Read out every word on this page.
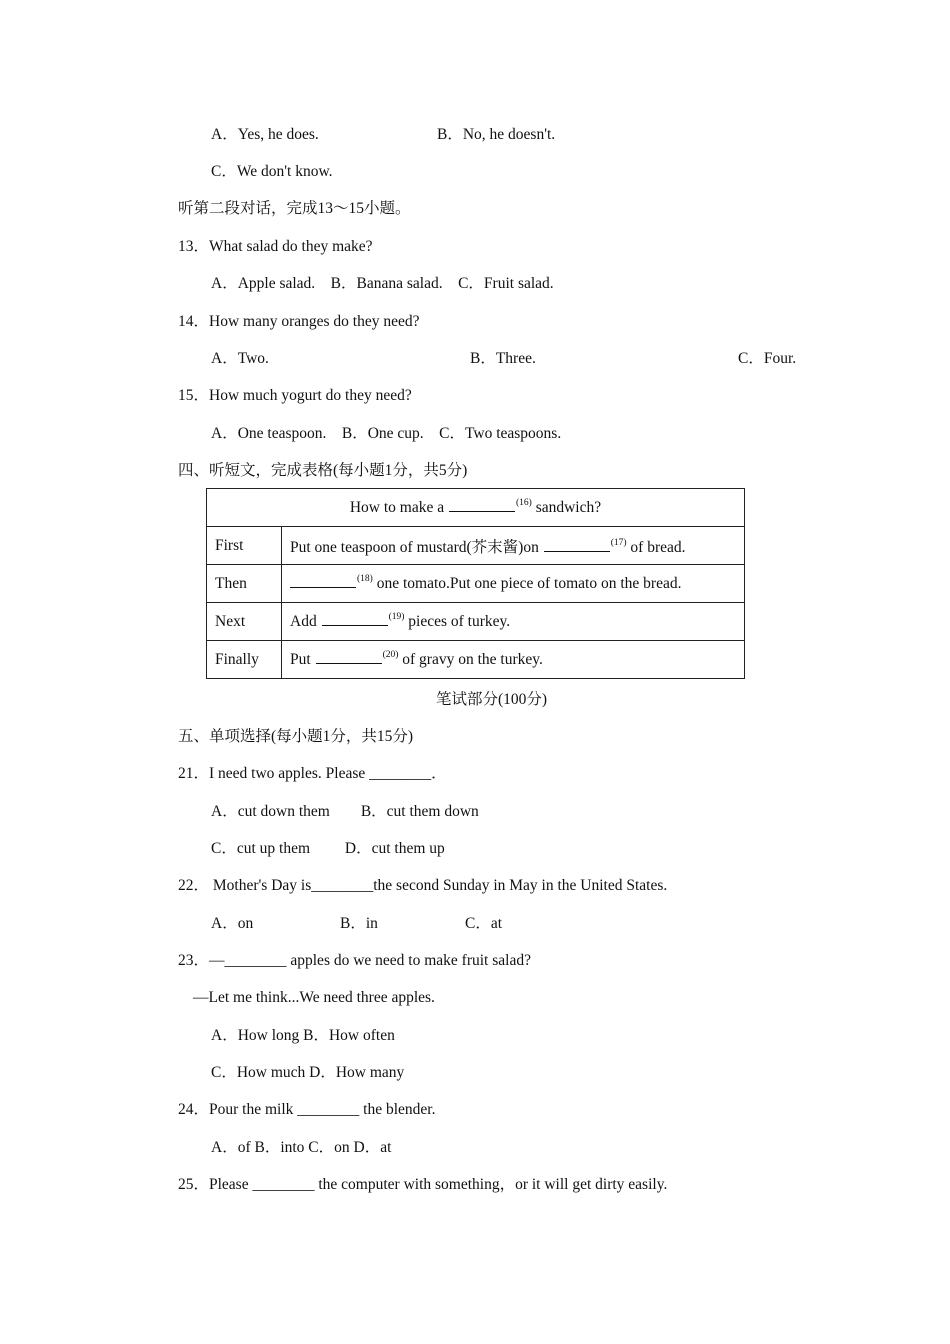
A．Yes, he does.	B．No, he doesn't.
C．We don't know.
听第二段对话，完成13～15小题。
13．What salad do they make?
A．Apple salad.　B．Banana salad.　C．Fruit salad.
14．How many oranges do they need?
A．Two.	B．Three.	C．Four.
15．How much yogurt do they need?
A．One teaspoon.　B．One cup.　C．Two teaspoons.
四、听短文，完成表格(每小题1分，共5分)
How to make a $^{(16)}$ sandwich?	
First	Put one teaspoon of mustard(芥末酱)on $^{(17)}$ of bread.
Then	$^{(18)}$ one tomato.Put one piece of tomato on the bread.
Next	Add $^{(19)}$ pieces of turkey.
Finally	Put $^{(20)}$ of gravy on the turkey.
笔试部分(100分)
五、单项选择(每小题1分，共15分)
21．I need two apples. Please ________．
A．cut down them　　B．cut them down
C．cut up them　　 D．cut them up
22． Mother's Day is________the second Sunday in May in the United States.
A．on	B．in	C．at
23．—________ apples do we need to make fruit salad?
—Let me think...We need three apples.
A．How long B．How often
C．How much D．How many
24．Pour the milk ________ the blender.
A．of B．into C．on D．at
25．Please ________ the computer with something，or it will get dirty easily.
